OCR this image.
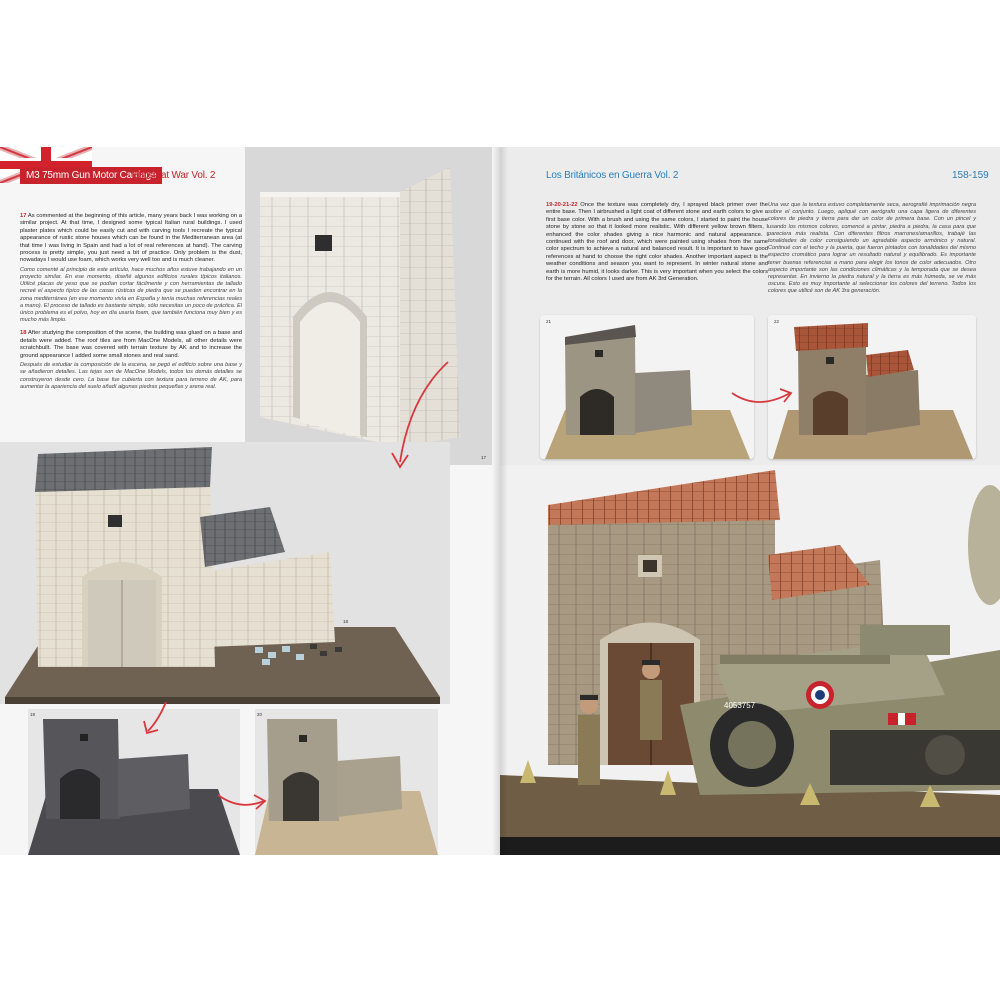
M3 75mm Gun Motor Carriage
British at War Vol. 2

17 As commented at the beginning of this article, many years back I was working on a similar project. At that time, I designed some typical Italian rural buildings. I used plaster plates which could be easily cut and with carving tools I recreate the typical appearance of rustic stone houses which can be found in the Mediterranean area (at that time I was living in Spain and had a lot of real references at hand). The carving process is pretty simple, you just need a bit of practice. Only problem is the dust, nowadays I would use foam, which works very well too and is much cleaner.

Como comenté al principio de este artículo, hace muchos años estuve trabajando en un proyecto similar. En ese momento, diseñé algunos edificios rurales típicos italianos. Utilicé placas de yeso que se podían cortar fácilmente y con herramientas de tallado recreé el aspecto típico de las casas rústicas de piedra que se pueden encontrar en la zona mediterránea (en ese momento vivía en España y tenía muchas referencias reales a mano). El proceso de tallado es bastante simple, sólo necesitas un poco de práctica. El único problema es el polvo, hoy en día usaría foam, que también funciona muy bien y es mucho más limpio.

18 After studying the composition of the scene, the building was glued on a base and details were added. The roof tiles are from MacOne Models, all other details were scratchbuilt. The base was covered with terrain texture by AK and to increase the ground appearance I added some small stones and real sand.

Después de estudiar la composición de la escena, se pegó el edificio sobre una base y se añadieron detalles. Las tejas son de MacOne Models, todos los demás detalles se construyeron desde cero. La base fue cubierta con textura para terreno de AK, para aumentar la apariencia del suelo añadí algunas piedras pequeñas y arena real.

17
18
19	20
Los Británicos en Guerra Vol. 2	158-159

19-20-21-22 Once the texture was completely dry, I sprayed black primer over the entire base. Then I airbrushed a light coat of different stone and earth colors to give a first base color. With a brush and using the same colors, I started to paint the house stone by stone so that it looked more realistic. With different yellow brown filters, I enhanced the color shades giving a nice harmonic and natural appearance. I continued with the roof and door, which were painted using shades from the same color spectrum to achieve a natural and balanced result. It is important to have good references at hand to choose the right color shades. Another important aspect is the weather conditions and season you want to represent. In winter natural stone and earth is more humid, it looks darker. This is very important when you select the colors for the terrain. All colors I used are from AK 3rd Generation.

Una vez que la textura estuvo completamente seca, aerografié imprimación negra sobre el conjunto. Luego, apliqué con aerógrafo una capa ligera de diferentes colores de piedra y tierra para dar un color de primera base. Con un pincel y usando los mismos colores, comencé a pintar, piedra a piedra, la casa para que pareciera más realista. Con diferentes filtros marrones/amarillos, trabajé las tonalidades de color consiguiendo un agradable aspecto armónico y natural. Continué con el techo y la puerta, que fueron pintados con tonalidades del mismo espectro cromático para lograr un resultado natural y equilibrado. Es importante tener buenas referencias a mano para elegir los tonos de color adecuados. Otro aspecto importante son las condiciones climáticas y la temporada que se desea representar. En invierno la piedra natural y la tierra es más húmeda, se ve más oscura. Esto es muy importante al seleccionar los colores del terreno. Todos los colores que utilicé son de AK 3ra generación.

21	22
4053757
